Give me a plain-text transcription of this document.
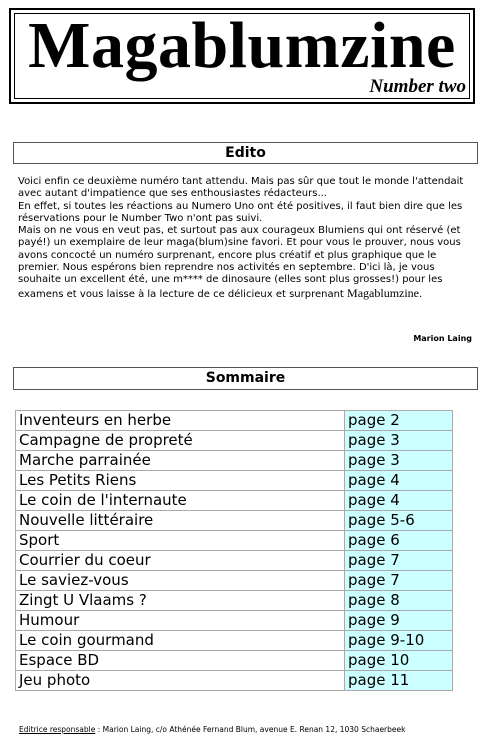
Magablumzine
Number two
Edito

Voici enfin ce deuxième numéro tant attendu. Mais pas sûr que tout le monde l'attendait avec autant d'impatience que ses enthousiastes rédacteurs...

En effet, si toutes les réactions au Numero Uno ont été positives, il faut bien dire que les réservations pour le Number Two n'ont pas suivi.

Mais on ne vous en veut pas, et surtout pas aux courageux Blumiens qui ont réservé (et payé!) un exemplaire de leur maga(blum)sine favori. Et pour vous le prouver, nous vous avons concocté un numéro surprenant, encore plus créatif et plus graphique que le premier. Nous espérons bien reprendre nos activités en septembre. D'ici là, je vous souhaite un excellent été, une m**** de dinosaure (elles sont plus grosses!) pour les examens et vous laisse à la lecture de ce délicieux et surprenant Magablumzine.

Marion Laing
Sommaire
Inventeurs en herbe	page 2
Campagne de propreté	page 3
Marche parrainée	page 3
Les Petits Riens	page 4
Le coin de l'internaute	page 4
Nouvelle littéraire	page 5-6
Sport	page 6
Courrier du coeur	page 7
Le saviez-vous	page 7
Zingt U Vlaams ?	page 8
Humour	page 9
Le coin gourmand	page 9-10
Espace BD	page 10
Jeu photo	page 11
Editrice responsable : Marion Laing, c/o Athénée Fernand Blum, avenue E. Renan 12, 1030 Schaerbeek
